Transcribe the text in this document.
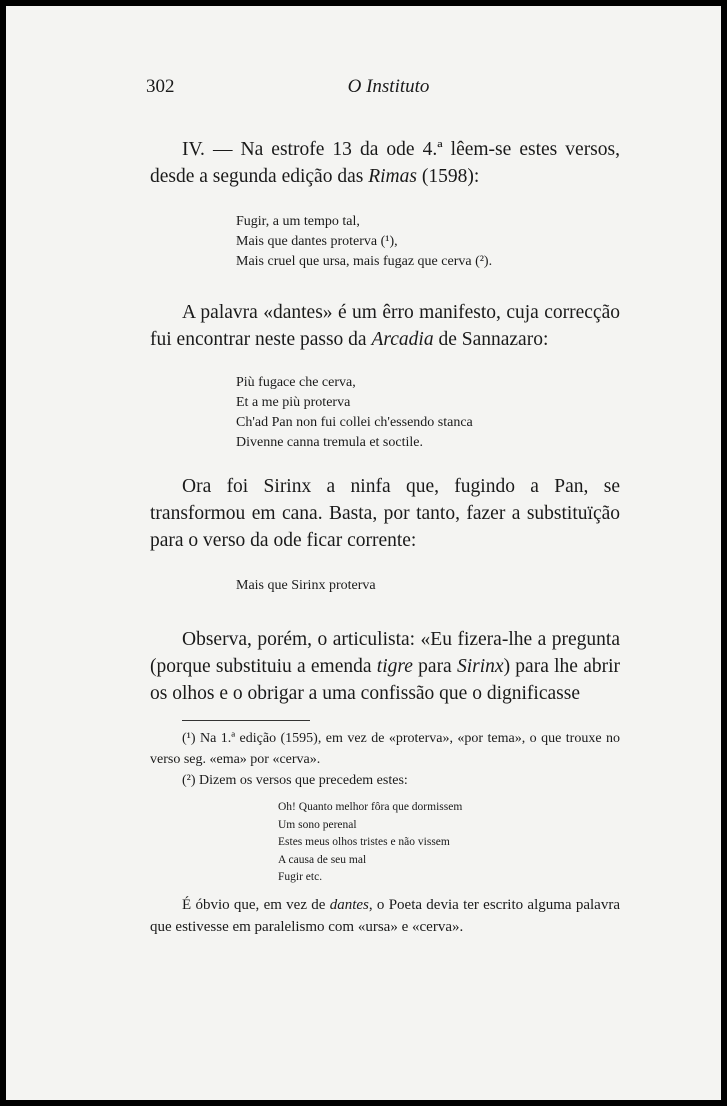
302	O Instituto

IV. — Na estrofe 13 da ode 4.ª lêem-se estes versos, desde a segunda edição das Rimas (1598):

Fugir, a um tempo tal,
Mais que dantes proterva (¹),
Mais cruel que ursa, mais fugaz que cerva (²).

A palavra «dantes» é um êrro manifesto, cuja correcção fui encontrar neste passo da Arcadia de Sannazaro:

Più fugace che cerva,
Et a me più proterva
Ch'ad Pan non fui collei ch'essendo stanca
Divenne canna tremula et soctile.

Ora foi Sirinx a ninfa que, fugindo a Pan, se transformou em cana. Basta, por tanto, fazer a substituïção para o verso da ode ficar corrente:

Mais que Sirinx proterva

Observa, porém, o articulista: «Eu fizera-lhe a pregunta (porque substituiu a emenda tigre para Sirinx) para lhe abrir os olhos e o obrigar a uma confissão que o dignificasse

(¹) Na 1.ª edição (1595), em vez de «proterva», «por tema», o que trouxe no verso seg. «ema» por «cerva».

(²) Dizem os versos que precedem estes:

Oh! Quanto melhor fôra que dormissem
Um sono perenal
Estes meus olhos tristes e não vissem
A causa de seu mal
Fugir etc.

É óbvio que, em vez de dantes, o Poeta devia ter escrito alguma palavra que estivesse em paralelismo com «ursa» e «cerva».
